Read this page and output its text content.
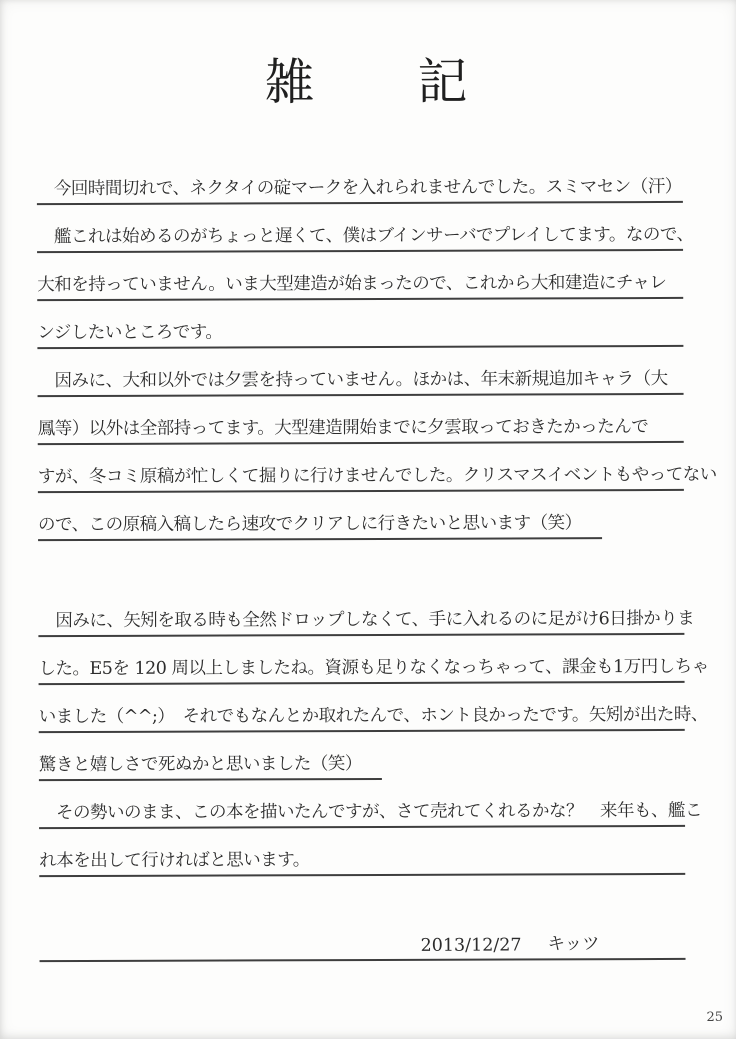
雑　　記
　今回時間切れで、ネクタイの碇マークを入れられませんでした。スミマセン（汗）
　艦これは始めるのがちょっと遅くて、僕はブインサーバでプレイしてます。なので、
大和を持っていません。いま大型建造が始まったので、これから大和建造にチャレ
ンジしたいところです。
　因みに、大和以外では夕雲を持っていません。ほかは、年末新規追加キャラ（大
鳳等）以外は全部持ってます。大型建造開始までに夕雲取っておきたかったんで
すが、冬コミ原稿が忙しくて掘りに行けませんでした。クリスマスイベントもやってない
ので、この原稿入稿したら速攻でクリアしに行きたいと思います（笑）
　因みに、矢矧を取る時も全然ドロップしなくて、手に入れるのに足がけ6日掛かりま
した。E5を 120 周以上しましたね。資源も足りなくなっちゃって、課金も1万円しちゃ
いました（^^;）　それでもなんとか取れたんで、ホント良かったです。矢矧が出た時、
驚きと嬉しさで死ぬかと思いました（笑）
　その勢いのまま、この本を描いたんですが、さて売れてくれるかな？　来年も、艦こ
れ本を出して行ければと思います。
2013/12/27 キッツ
25
